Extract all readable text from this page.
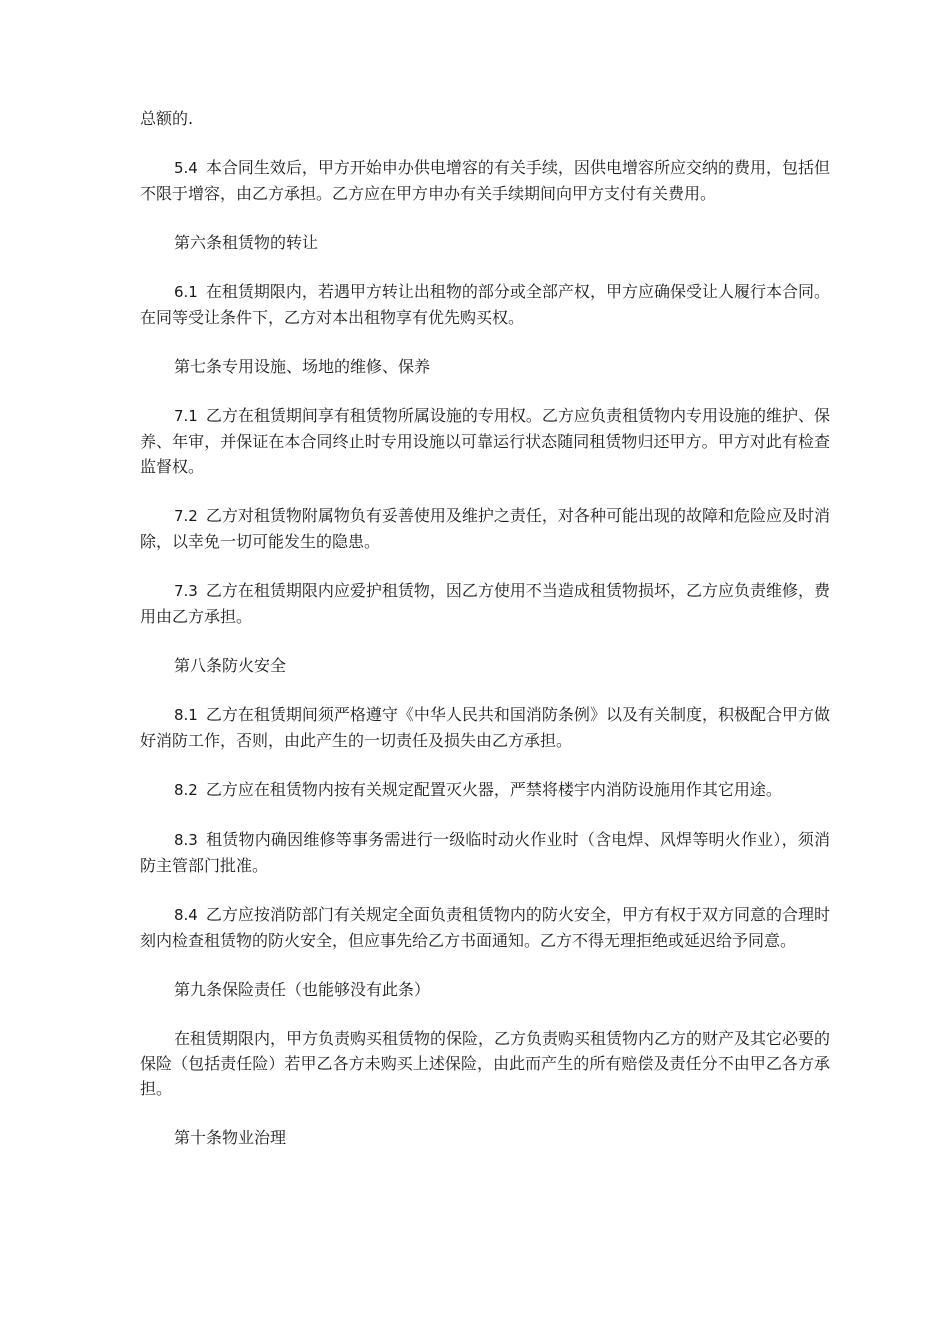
总额的.

5.4 本合同生效后，甲方开始申办供电增容的有关手续，因供电增容所应交纳的费用，包括但不限于增容，由乙方承担。乙方应在甲方申办有关手续期间向甲方支付有关费用。

第六条租赁物的转让

6.1 在租赁期限内，若遇甲方转让出租物的部分或全部产权，甲方应确保受让人履行本合同。在同等受让条件下，乙方对本出租物享有优先购买权。

第七条专用设施、场地的维修、保养

7.1 乙方在租赁期间享有租赁物所属设施的专用权。乙方应负责租赁物内专用设施的维护、保养、年审，并保证在本合同终止时专用设施以可靠运行状态随同租赁物归还甲方。甲方对此有检查监督权。

7.2 乙方对租赁物附属物负有妥善使用及维护之责任，对各种可能出现的故障和危险应及时消除，以幸免一切可能发生的隐患。

7.3 乙方在租赁期限内应爱护租赁物，因乙方使用不当造成租赁物损坏，乙方应负责维修，费用由乙方承担。

第八条防火安全

8.1 乙方在租赁期间须严格遵守《中华人民共和国消防条例》以及有关制度，积极配合甲方做好消防工作，否则，由此产生的一切责任及损失由乙方承担。

8.2 乙方应在租赁物内按有关规定配置灭火器，严禁将楼宇内消防设施用作其它用途。

8.3 租赁物内确因维修等事务需进行一级临时动火作业时（含电焊、风焊等明火作业），须消防主管部门批准。

8.4 乙方应按消防部门有关规定全面负责租赁物内的防火安全，甲方有权于双方同意的合理时刻内检查租赁物的防火安全，但应事先给乙方书面通知。乙方不得无理拒绝或延迟给予同意。

第九条保险责任（也能够没有此条）

在租赁期限内，甲方负责购买租赁物的保险，乙方负责购买租赁物内乙方的财产及其它必要的保险（包括责任险）若甲乙各方未购买上述保险，由此而产生的所有赔偿及责任分不由甲乙各方承担。

第十条物业治理
